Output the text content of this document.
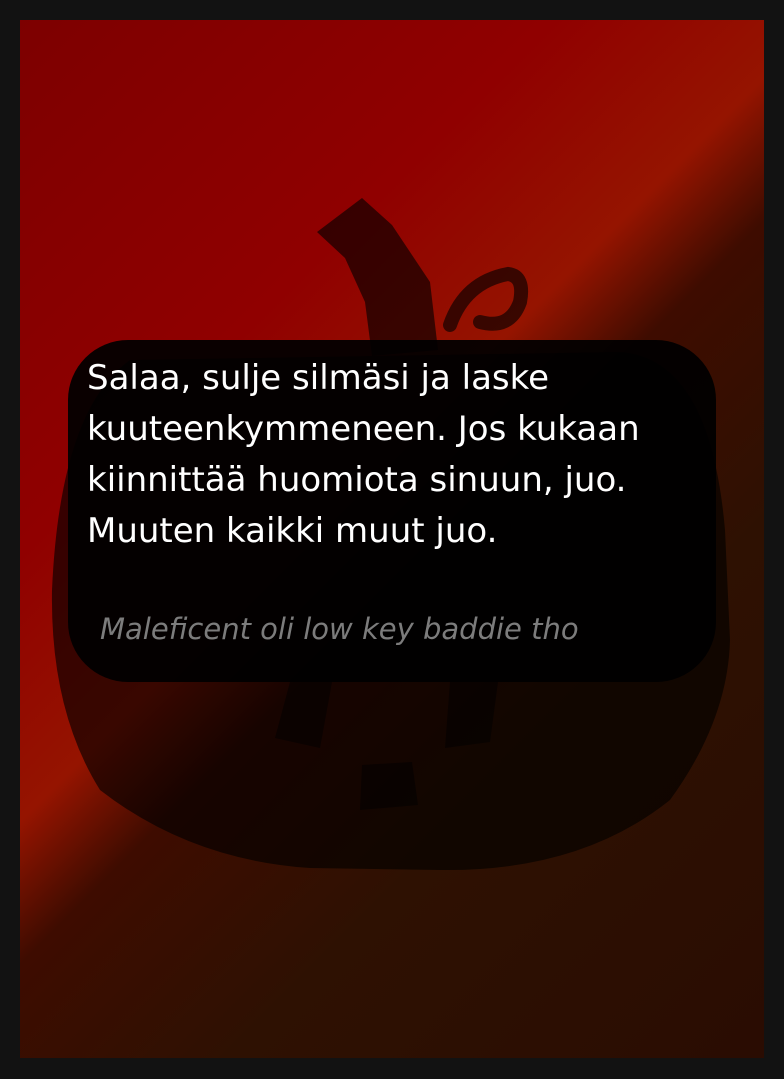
Salaa, sulje silmäsi ja laske kuuteenkymmeneen. Jos kukaan kiinnittää huomiota sinuun, juo. Muuten kaikki muut juo.

Maleficent oli low key baddie tho
